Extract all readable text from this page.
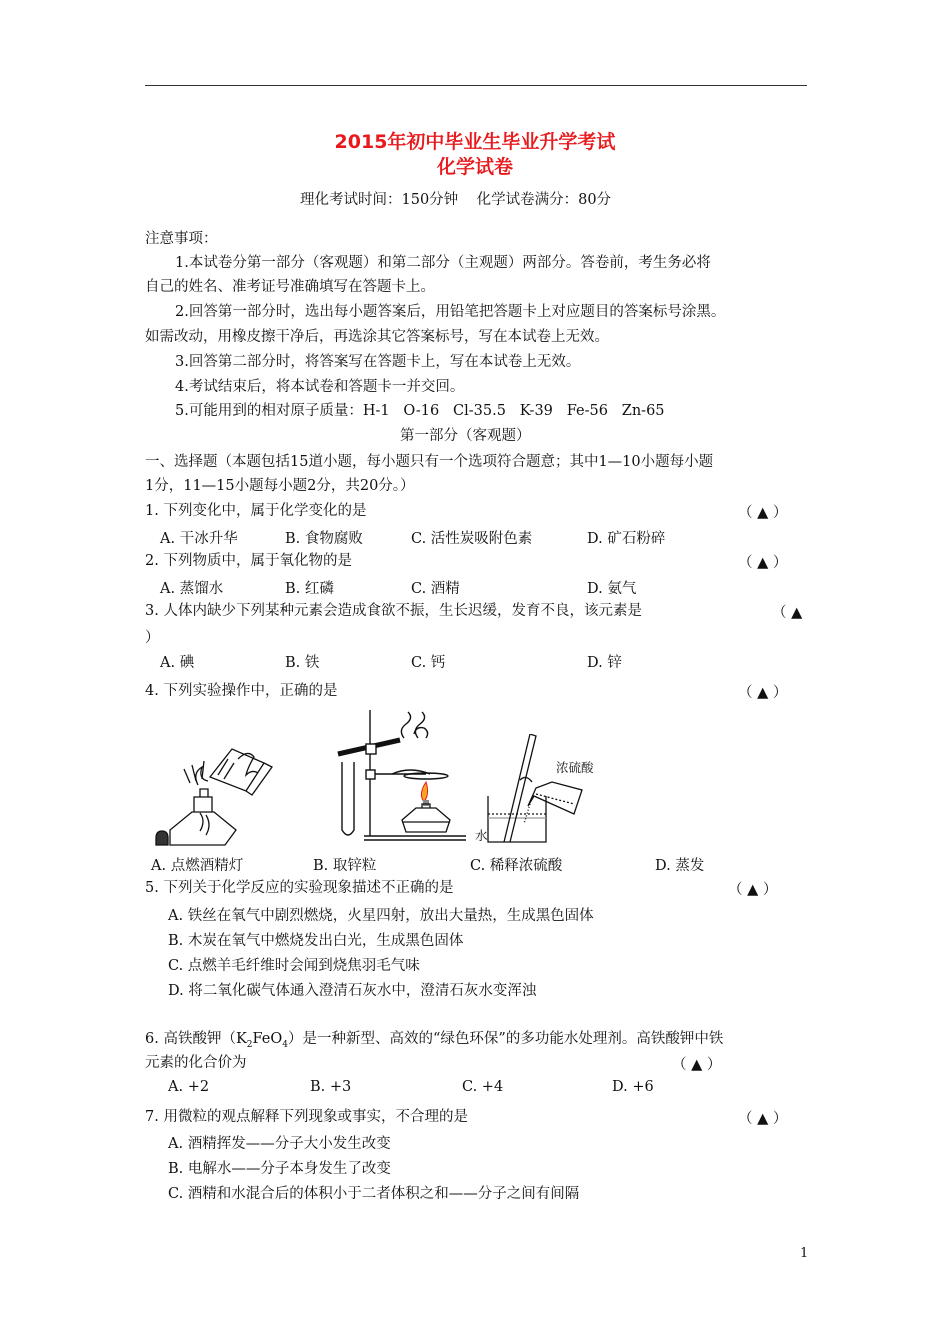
2015年初中毕业生毕业升学考试
化学试卷
理化考试时间：150分钟    化学试卷满分：80分
注意事项：
1.本试卷分第一部分（客观题）和第二部分（主观题）两部分。答卷前，考生务必将
自己的姓名、准考证号准确填写在答题卡上。
2.回答第一部分时，选出每小题答案后，用铅笔把答题卡上对应题目的答案标号涂黑。
如需改动，用橡皮擦干净后，再选涂其它答案标号，写在本试卷上无效。
3.回答第二部分时，将答案写在答题卡上，写在本试卷上无效。
4.考试结束后，将本试卷和答题卡一并交回。
5.可能用到的相对原子质量：H-1   O-16   Cl-35.5   K-39   Fe-56   Zn-65
第一部分（客观题）
一、选择题（本题包括15道小题，每小题只有一个选项符合题意；其中1—10小题每小题
1分，11—15小题每小题2分，共20分。）
1. 下列变化中，属于化学变化的是	（ ▲ ）
A. 干冰升华	B. 食物腐败	C. 活性炭吸附色素	D. 矿石粉碎
2. 下列物质中，属于氧化物的是	（ ▲ ）
A. 蒸馏水	B. 红磷	C. 酒精	D. 氨气
3. 人体内缺少下列某种元素会造成食欲不振，生长迟缓，发育不良，该元素是	（ ▲
）
A. 碘	B. 铁	C. 钙	D. 锌
4. 下列实验操作中，正确的是	（ ▲ ）
浓硫酸
水
A. 点燃酒精灯	B. 取锌粒	C. 稀释浓硫酸	D. 蒸发
5. 下列关于化学反应的实验现象描述不正确的是	（ ▲ ）
A. 铁丝在氧气中剧烈燃烧，火星四射，放出大量热，生成黑色固体
B. 木炭在氧气中燃烧发出白光，生成黑色固体
C. 点燃羊毛纤维时会闻到烧焦羽毛气味
D. 将二氧化碳气体通入澄清石灰水中，澄清石灰水变浑浊
6. 高铁酸钾$(K_2FeO_4)$是一种新型、高效的“绿色环保”的多功能水处理剂。高铁酸钾中铁
元素的化合价为	（ ▲ ）
A. +2	B. +3	C. +4	D. +6
7. 用微粒的观点解释下列现象或事实，不合理的是	（ ▲ ）
A. 酒精挥发——分子大小发生改变
B. 电解水——分子本身发生了改变
C. 酒精和水混合后的体积小于二者体积之和——分子之间有间隔
1
